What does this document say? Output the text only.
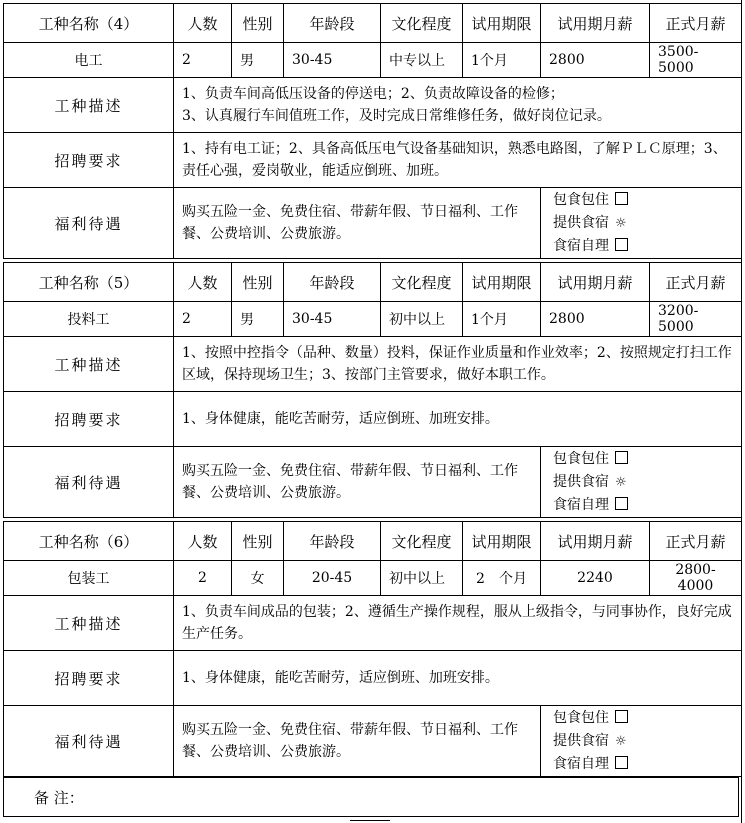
工种名称（4）	人数	性别	年龄段	文化程度	试用期限	试用期月薪	正式月薪
电工	2	男	30-45	中专以上	1个月	2800	3500-5000
工种描述	1、负责车间高低压设备的停送电；2、负责故障设备的检修；
3、认真履行车间值班工作，及时完成日常维修任务，做好岗位记录。						
招聘要求	1、持有电工证；2、具备高低压电气设备基础知识，熟悉电路图，了解ＰＬＣ原理；3、责任心强，爱岗敬业，能适应倒班、加班。						
福利待遇	购买五险一金、免费住宿、带薪年假、节日福利、工作餐、公费培训、公费旅游。					包食包住
提供食宿 ☼
食宿自理	
工种名称（5）	人数	性别	年龄段	文化程度	试用期限	试用期月薪	正式月薪
投料工	2	男	30-45	初中以上	1个月	2800	3200-5000
工种描述	1、按照中控指令（品种、数量）投料，保证作业质量和作业效率；2、按照规定打扫工作区域，保持现场卫生；3、按部门主管要求，做好本职工作。						
招聘要求	1、身体健康，能吃苦耐劳，适应倒班、加班安排。						
福利待遇	购买五险一金、免费住宿、带薪年假、节日福利、工作餐、公费培训、公费旅游。					包食包住
提供食宿 ☼
食宿自理	
工种名称（6）	人数	性别	年龄段	文化程度	试用期限	试用期月薪	正式月薪
包装工	2	女	20-45	初中以上	2　个月	2240	2800-4000
工种描述	1、负责车间成品的包装；2、遵循生产操作规程，服从上级指令，与同事协作，良好完成生产任务。						
招聘要求	1、身体健康，能吃苦耐劳，适应倒班、加班安排。						
福利待遇	购买五险一金、免费住宿、带薪年假、节日福利、工作餐、公费培训、公费旅游。					包食包住
提供食宿 ☼
食宿自理	
备 注：
